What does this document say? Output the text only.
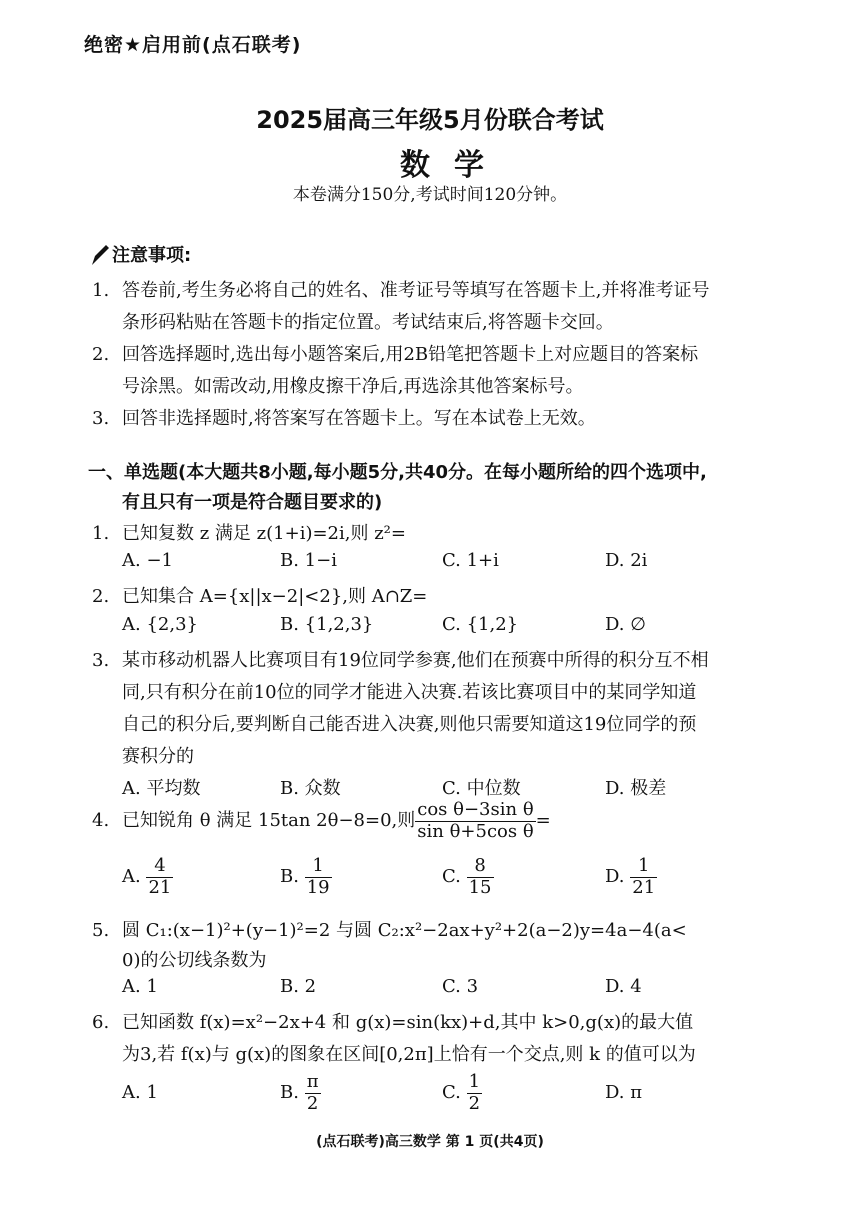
绝密★启用前(点石联考)
2025届高三年级5月份联合考试
数学
本卷满分150分,考试时间120分钟。
注意事项:
1. 答卷前,考生务必将自己的姓名、准考证号等填写在答题卡上,并将准考证号
条形码粘贴在答题卡的指定位置。考试结束后,将答题卡交回。
2. 回答选择题时,选出每小题答案后,用2B铅笔把答题卡上对应题目的答案标
号涂黑。如需改动,用橡皮擦干净后,再选涂其他答案标号。
3. 回答非选择题时,将答案写在答题卡上。写在本试卷上无效。
一、单选题(本大题共8小题,每小题5分,共40分。在每小题所给的四个选项中,
有且只有一项是符合题目要求的)
1. 已知复数 z 满足 z(1+i)=2i,则 z²=
A. −1	B. 1−i	C. 1+i	D. 2i
2. 已知集合 A={x||x−2|<2},则 A∩Z=
A. {2,3}	B. {1,2,3}	C. {1,2}	D. ∅
3. 某市移动机器人比赛项目有19位同学参赛,他们在预赛中所得的积分互不相
同,只有积分在前10位的同学才能进入决赛.若该比赛项目中的某同学知道
自己的积分后,要判断自己能否进入决赛,则他只需要知道这19位同学的预
赛积分的
A. 平均数	B. 众数	C. 中位数	D. 极差
4. 已知锐角 θ 满足 15tan 2θ−8=0,则 $\frac{\text{cos θ−3sin θ}}{\text{sin θ+5cos θ}}$ =
A. $\frac{4}{21}$	B. $\frac{1}{19}$	C. $\frac{8}{15}$	D. $\frac{1}{21}$
5. 圆 C₁:(x−1)²+(y−1)²=2 与圆 C₂:x²−2ax+y²+2(a−2)y=4a−4(a<
0)的公切线条数为
A. 1	B. 2	C. 3	D. 4
6. 已知函数 f(x)=x²−2x+4 和 g(x)=sin(kx)+d,其中 k>0,g(x)的最大值
为3,若 f(x)与 g(x)的图象在区间[0,2π]上恰有一个交点,则 k 的值可以为
A. 1	B. $\frac{\pi}{2}$	C. $\frac{1}{2}$	D. π
(点石联考)高三数学 第 1 页(共4页)
